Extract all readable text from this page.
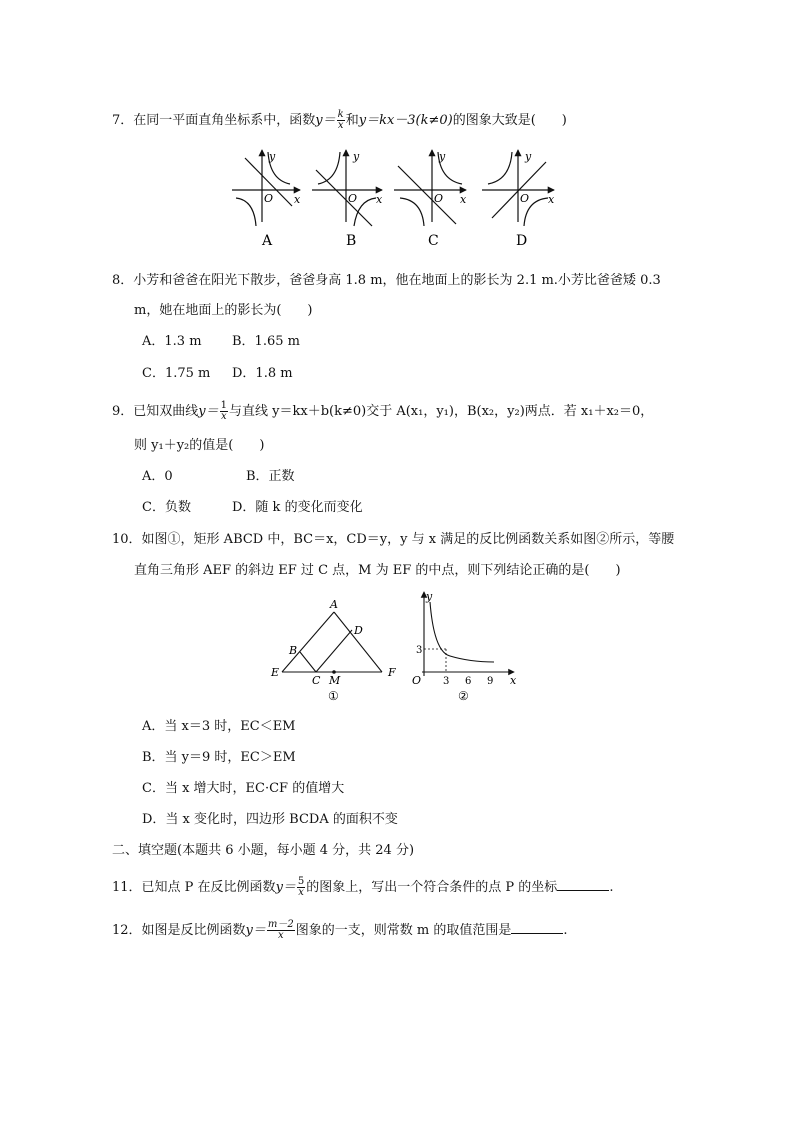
7．在同一平面直角坐标系中，函数$y= \frac{k}{x}$ 和y＝kx－3(k≠0)的图象大致是(　　)
y
x
O
A
y
x
O
B
y
x
O
C
y
x
O
D
8．小芳和爸爸在阳光下散步，爸爸身高 1.8 m，他在地面上的影长为 2.1 m.小芳比爸爸矮 0.3
m，她在地面上的影长为(　　)
A．1.3 m B．1.65 m
C．1.75 m D．1.8 m
9．已知双曲线$y= \frac{1}{x}$ 与直线 y＝kx＋b(k≠0)交于 A(x₁，y₁)，B(x₂，y₂)两点．若 x₁＋x₂＝0，
则 y₁＋y₂的值是(　　)
A．0	B．正数
C．负数	D．随 k 的变化而变化
10．如图①，矩形 ABCD 中，BC＝x，CD＝y，y 与 x 满足的反比例函数关系如图②所示，等腰
直角三角形 AEF 的斜边 EF 过 C 点，M 为 EF 的中点，则下列结论正确的是(　　)
A
B
C
D
E	F
M
①
y
x
O
3
3 6 9
②
A．当 x＝3 时，EC＜EM
B．当 y＝9 时，EC＞EM
C．当 x 增大时，EC·CF 的值增大
D．当 x 变化时，四边形 BCDA 的面积不变
二、填空题(本题共 6 小题，每小题 4 分，共 24 分)
11．已知点 P 在反比例函数$y= \frac{5}{x}$ 的图象上，写出一个符合条件的点 P 的坐标	.
12．如图是反比例函数$y= \frac{m-2}{x}$ 图象的一支，则常数 m 的取值范围是	.
